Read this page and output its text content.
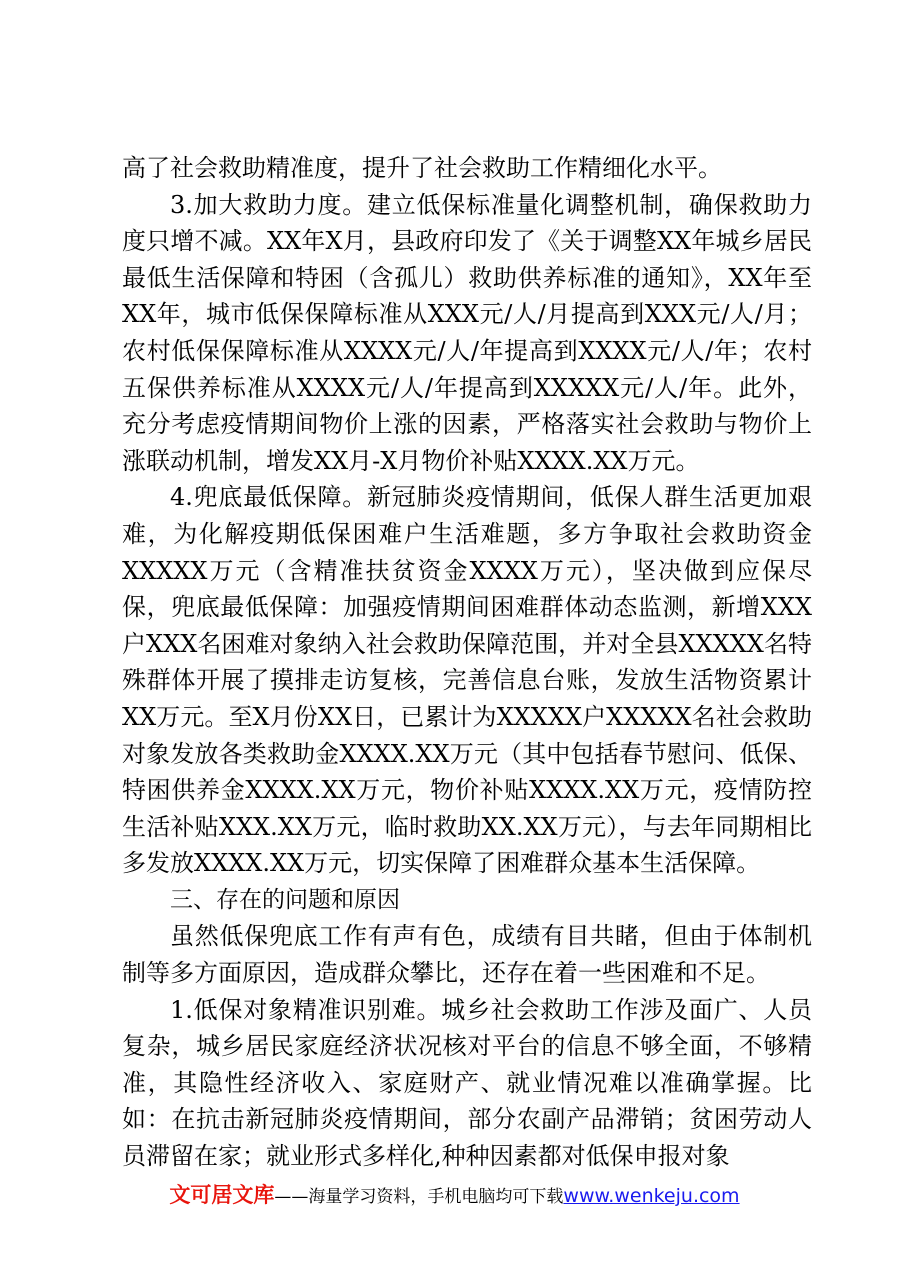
高了社会救助精准度，提升了社会救助工作精细化水平。

3.加大救助力度。建立低保标准量化调整机制，确保救助力度只增不减。XX年X月，县政府印发了《关于调整XX年城乡居民最低生活保障和特困（含孤儿）救助供养标准的通知》，XX年至XX年，城市低保保障标准从XXX元/人/月提高到XXX元/人/月；农村低保保障标准从XXXX元/人/年提高到XXXX元/人/年；农村五保供养标准从XXXX元/人/年提高到XXXXX元/人/年。此外，充分考虑疫情期间物价上涨的因素，严格落实社会救助与物价上涨联动机制，增发XX月-X月物价补贴XXXX.XX万元。

4.兜底最低保障。新冠肺炎疫情期间，低保人群生活更加艰难，为化解疫期低保困难户生活难题，多方争取社会救助资金XXXXX万元（含精准扶贫资金XXXX万元），坚决做到应保尽保，兜底最低保障：加强疫情期间困难群体动态监测，新增XXX户XXX名困难对象纳入社会救助保障范围，并对全县XXXXX名特殊群体开展了摸排走访复核，完善信息台账，发放生活物资累计XX万元。至X月份XX日，已累计为XXXXX户XXXXX名社会救助对象发放各类救助金XXXX.XX万元（其中包括春节慰问、低保、特困供养金XXXX.XX万元，物价补贴XXXX.XX万元，疫情防控生活补贴XXX.XX万元，临时救助XX.XX万元），与去年同期相比多发放XXXX.XX万元，切实保障了困难群众基本生活保障。

三、存在的问题和原因

虽然低保兜底工作有声有色，成绩有目共睹，但由于体制机制等多方面原因，造成群众攀比，还存在着一些困难和不足。

1.低保对象精准识别难。城乡社会救助工作涉及面广、人员复杂，城乡居民家庭经济状况核对平台的信息不够全面，不够精准，其隐性经济收入、家庭财产、就业情况难以准确掌握。比如：在抗击新冠肺炎疫情期间，部分农副产品滞销；贫困劳动人员滞留在家；就业形式多样化,种种因素都对低保申报对象

文可居文库——海量学习资料，手机电脑均可下载www.wenkeju.com
